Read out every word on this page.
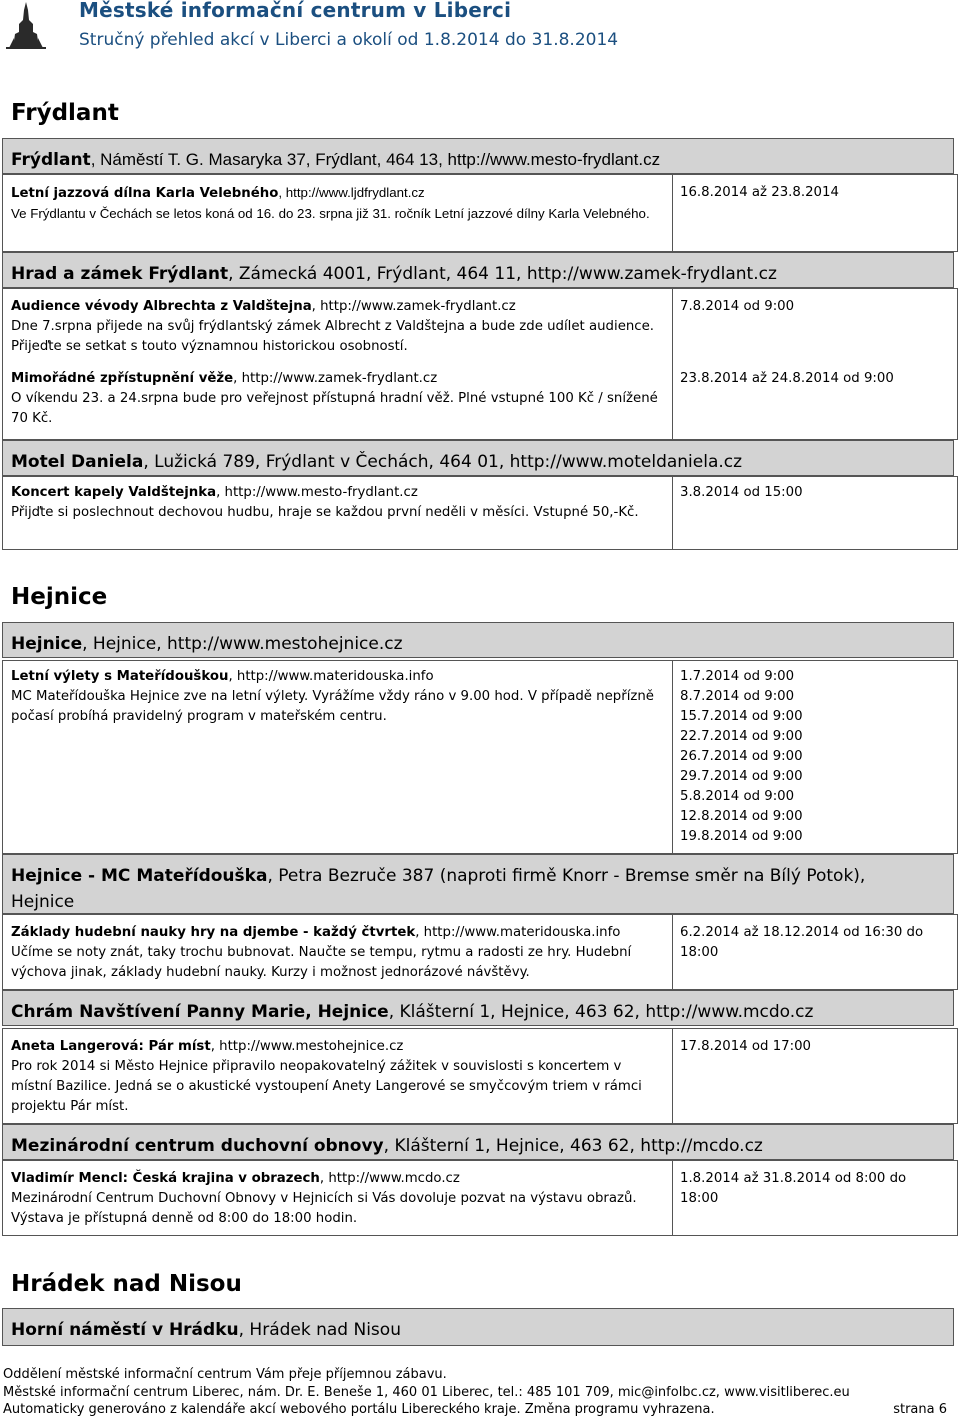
Městské informační centrum v Liberci
Stručný přehled akcí v Liberci a okolí od 1.8.2014 do 31.8.2014
Frýdlant
Frýdlant, Náměstí T. G. Masaryka 37, Frýdlant, 464 13, http://www.mesto-frydlant.cz
Letní jazzová dílna Karla Velebného, http://www.ljdfrydlant.cz
Ve Frýdlantu v Čechách se letos koná od 16. do 23. srpna již 31. ročník Letní jazzové dílny Karla Velebného.
16.8.2014 až 23.8.2014
Hrad a zámek Frýdlant, Zámecká 4001, Frýdlant, 464 11, http://www.zamek-frydlant.cz
Audience vévody Albrechta z Valdštejna, http://www.zamek-frydlant.cz
Dne 7.srpna přijede na svůj frýdlantský zámek Albrecht z Valdštejna a bude zde udílet audience. Přijeďte se setkat s touto významnou historickou osobností.
7.8.2014 od 9:00
Mimořádné zpřístupnění věže, http://www.zamek-frydlant.cz
O víkendu 23. a 24.srpna bude pro veřejnost přístupná hradní věž. Plné vstupné 100 Kč / snížené 70 Kč.
23.8.2014 až 24.8.2014 od 9:00
Motel Daniela, Lužická 789, Frýdlant v Čechách, 464 01, http://www.moteldaniela.cz
Koncert kapely Valdštejnka, http://www.mesto-frydlant.cz
Přijďte si poslechnout dechovou hudbu, hraje se každou první neděli v měsíci. Vstupné 50,-Kč.
3.8.2014 od 15:00
Hejnice
Hejnice, Hejnice, http://www.mestohejnice.cz
Letní výlety s Mateřídouškou, http://www.materidouska.info
MC Mateřídouška Hejnice zve na letní výlety. Vyrážíme vždy ráno v 9.00 hod. V případě nepřízně počasí probíhá pravidelný program v mateřském centru.
1.7.2014 od 9:00
8.7.2014 od 9:00
15.7.2014 od 9:00
22.7.2014 od 9:00
26.7.2014 od 9:00
29.7.2014 od 9:00
5.8.2014 od 9:00
12.8.2014 od 9:00
19.8.2014 od 9:00
Hejnice - MC Mateřídouška, Petra Bezruče 387 (naproti firmě Knorr - Bremse směr na Bílý Potok), Hejnice
Základy hudební nauky hry na djembe - každý čtvrtek, http://www.materidouska.info
Učíme se noty znát, taky trochu bubnovat. Naučte se tempu, rytmu a radosti ze hry. Hudební výchova jinak, základy hudební nauky. Kurzy i možnost jednorázové návštěvy.
6.2.2014 až 18.12.2014 od 16:30 do 18:00
Chrám Navštívení Panny Marie, Hejnice, Klášterní 1, Hejnice, 463 62, http://www.mcdo.cz
Aneta Langerová: Pár míst, http://www.mestohejnice.cz
Pro rok 2014 si Město Hejnice připravilo neopakovatelný zážitek v souvislosti s koncertem v místní Bazilice. Jedná se o akustické vystoupení Anety Langerové se smyčcovým triem v rámci projektu Pár míst.
17.8.2014 od 17:00
Mezinárodní centrum duchovní obnovy, Klášterní 1, Hejnice, 463 62, http://mcdo.cz
Vladimír Mencl: Česká krajina v obrazech, http://www.mcdo.cz
Mezinárodní Centrum Duchovní Obnovy v Hejnicích si Vás dovoluje pozvat na výstavu obrazů. Výstava je přístupná denně od 8:00 do 18:00 hodin.
1.8.2014 až 31.8.2014 od 8:00 do 18:00
Hrádek nad Nisou
Horní náměstí v Hrádku, Hrádek nad Nisou
Oddělení městské informační centrum Vám přeje příjemnou zábavu.
Městské informační centrum Liberec, nám. Dr. E. Beneše 1, 460 01 Liberec, tel.: 485 101 709, mic@infolbc.cz, www.visitliberec.eu
Automaticky generováno z kalendáře akcí webového portálu Libereckého kraje. Změna programu vyhrazena.	strana 6
